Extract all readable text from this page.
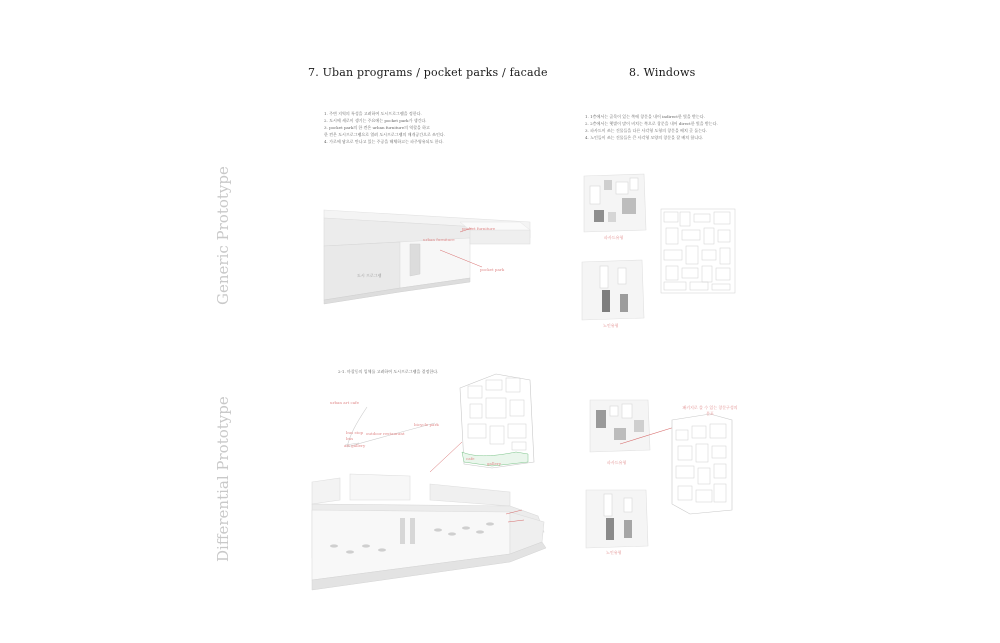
7. Uban programs / pocket parks / facade	8. Windows
Generic Prototype
Differential Prototype
1. 주변 지역의 특성을 고려하여 도시프로그램을 정한다.
2. 도시에 새로이 생기는 주요에는 pocket park가 생긴다.
3. pocket park의 한 켠은 urban furniture의 역할을 하고
한 켠은 도시프로그램으로 열려 도시프로그램의 매개공간으로 쓰인다.
4. 가로에 닿으로 만나고 있는 주공을 해체하고는 파주영유되도 한다.
1. 1층에서는 골목이 있는 쪽에 창문을 내어 indirect한 빛을 받는다.
2. 2층에서는 햇볕이 많이 비치는 쪽으로 창문을 내어 direct한 빛을 받는다.
3. 파사드이 쓰는 건물들을 다른 사각형 도형의 창문을 배치 곳 돌는다.
4. 노인들이 쓰는 건물들은 큰 사각형 모양의 창문을 잘 배치 합니다.
urban furniture
pocket furniture
pocket park
도시 프로그램
파사드유형
노인유형
2-1. 마찰동의 입체를 고려하여 도시프로그램을 결정한다.
urban art cafe
bus stop
bus
art gallery
bicycle park
outdoor restaurant
cafe
gallery	파사드유형
노인유형
패키지로 쓸 수 있는 창문구성의 분포
